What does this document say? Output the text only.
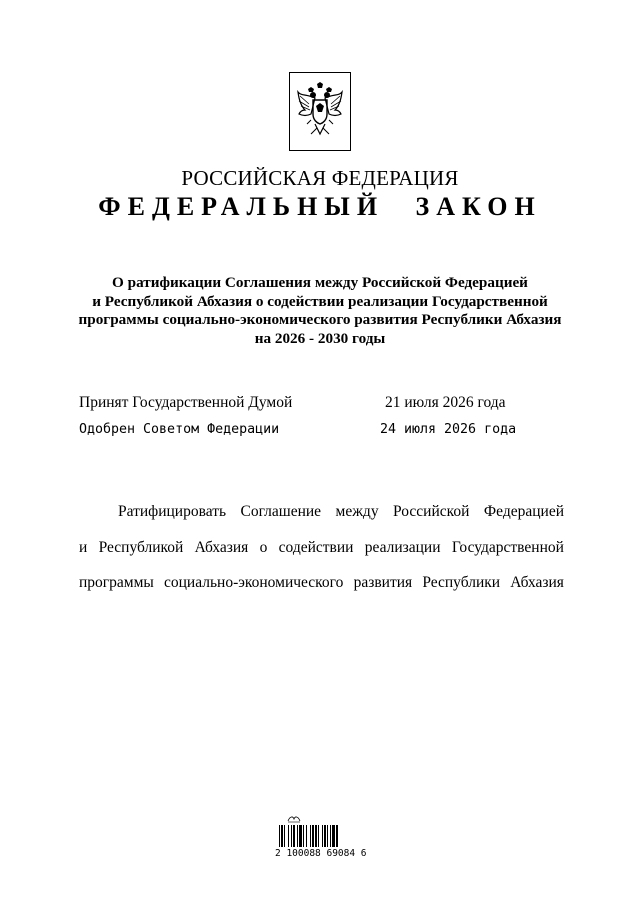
РОССИЙСКАЯ ФЕДЕРАЦИЯ
ФЕДЕРАЛЬНЫЙ ЗАКОН
О ратификации Соглашения между Российской Федерацией
и Республикой Абхазия о содействии реализации Государственной
программы социально-экономического развития Республики Абхазия
на 2026 - 2030 годы
Принят Государственной Думой	21 июля 2026 года
Одобрен Советом Федерации	24 июля 2026 года
Ратифицировать Соглашение между Российской Федерацией
и Республикой Абхазия о содействии реализации Государственной
программы социально-экономического развития Республики Абхазия
2 100088 69084 6
